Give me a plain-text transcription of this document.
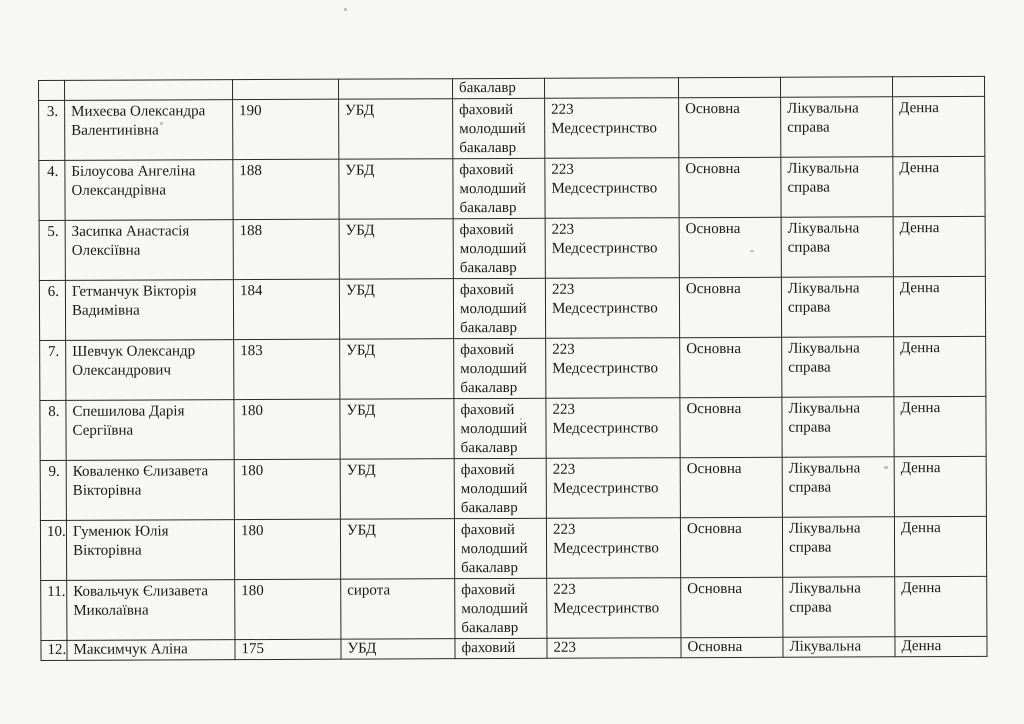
				бакалавр				
3.	Михеєва Олександра Валентинівна	190	УБД	фаховий молодший бакалавр	223 Медсестринство	Основна	Лікувальна справа	Денна
4.	Білоусова Ангеліна Олександрівна	188	УБД	фаховий молодший бакалавр	223 Медсестринство	Основна	Лікувальна справа	Денна
5.	Засипка Анастасія Олексіївна	188	УБД	фаховий молодший бакалавр	223 Медсестринство	Основна	Лікувальна справа	Денна
6.	Гетманчук Вікторія Вадимівна	184	УБД	фаховий молодший бакалавр	223 Медсестринство	Основна	Лікувальна справа	Денна
7.	Шевчук Олександр Олександрович	183	УБД	фаховий молодший бакалавр	223 Медсестринство	Основна	Лікувальна справа	Денна
8.	Спешилова Дарія Сергіївна	180	УБД	фаховий молодший бакалавр	223 Медсестринство	Основна	Лікувальна справа	Денна
9.	Коваленко Єлизавета Вікторівна	180	УБД	фаховий молодший бакалавр	223 Медсестринство	Основна	Лікувальна справа	Денна
10.	Гуменюк Юлія Вікторівна	180	УБД	фаховий молодший бакалавр	223 Медсестринство	Основна	Лікувальна справа	Денна
11.	Ковальчук Єлизавета Миколаївна	180	сирота	фаховий молодший бакалавр	223 Медсестринство	Основна	Лікувальна справа	Денна
12.	Максимчук Аліна	175	УБД	фаховий	223	Основна	Лікувальна	Денна
